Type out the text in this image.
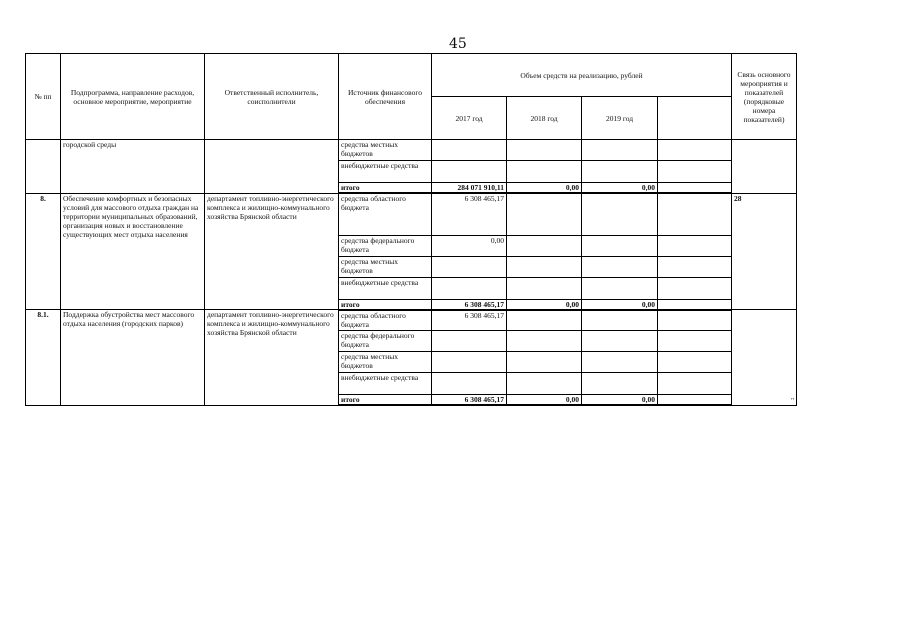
45
№ пп	Подпрограмма, направление расходов, основное мероприятие, мероприятие	Ответственный исполнитель, соисполнители	Источник финансового обеспечения	Объем средств на реализацию, рублей				Связь основного мероприятия и показателей (порядковые номера показателей)
				2017 год	2018 год	2019 год		
	городской среды		средства местных бюджетов					
			внебюджетные средства					
			итого	284 071 910,11	0,00	0,00		
8.	Обеспечение комфортных и безопасных условий для массового отдыха граждан на территории муниципальных образований, организация новых и восстановление существующих мест отдыха населения	департамент топливно-энергетического комплекса и жилищно-коммунального хозяйства Брянской области	средства областного бюджета	6 308 465,17				28
			средства федерального бюджета	0,00				
			средства местных бюджетов					
			внебюджетные средства					
			итого	6 308 465,17	0,00	0,00		
8.1.	Поддержка обустройства мест массового отдыха населения (городских парков)	департамент топливно-энергетического комплекса и жилищно-коммунального хозяйства Брянской области	средства областного бюджета	6 308 465,17				"
			средства федерального бюджета					
			средства местных бюджетов					
			внебюджетные средства					
			итого	6 308 465,17	0,00	0,00		
